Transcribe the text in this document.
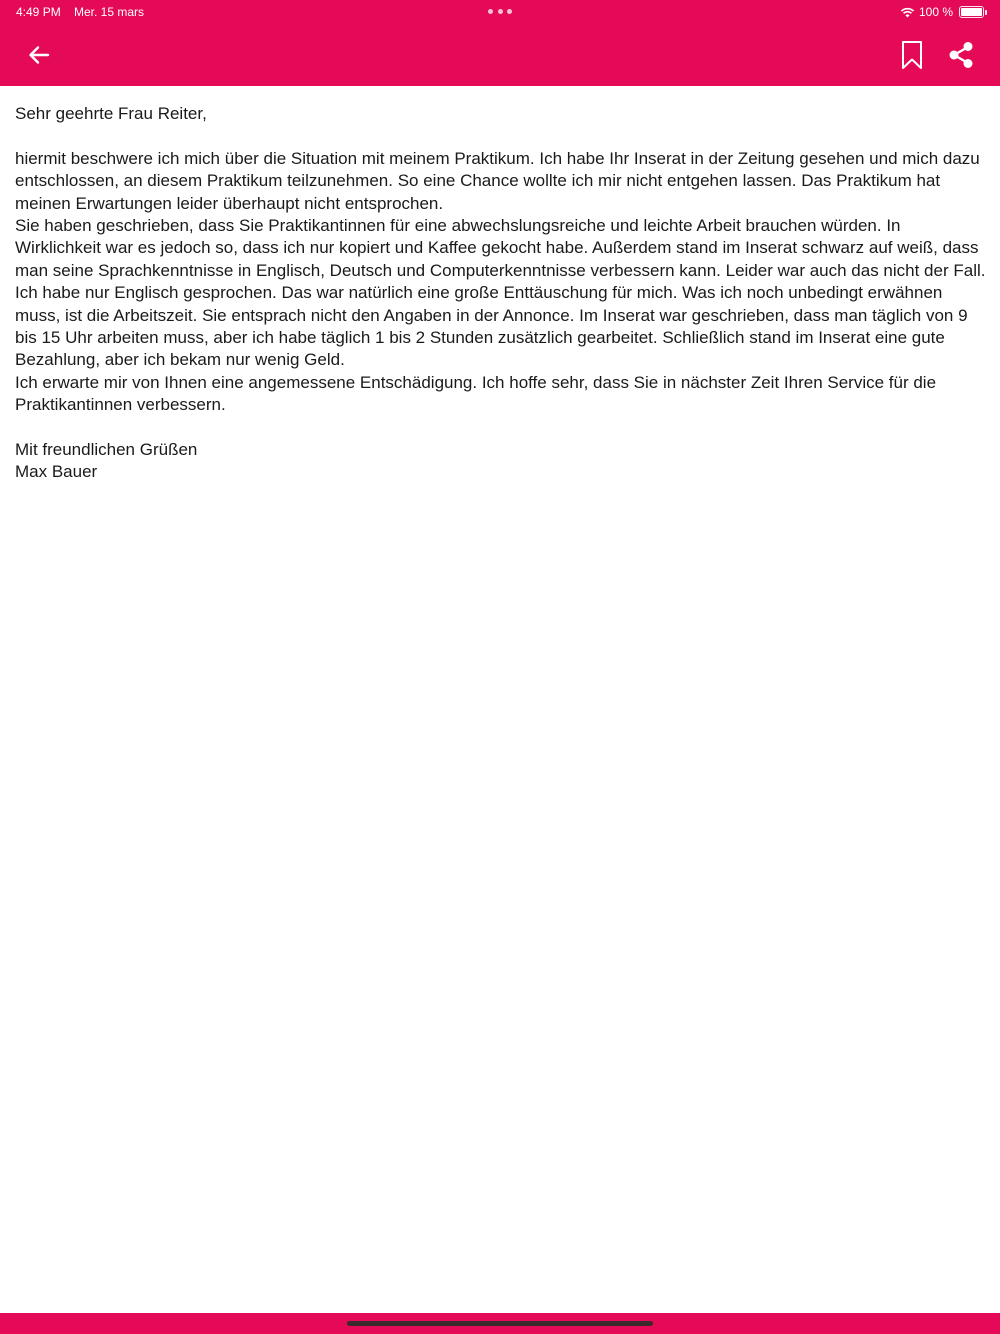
4:49 PM Mer. 15 mars	100 %

Sehr geehrte Frau Reiter,

hiermit beschwere ich mich über die Situation mit meinem Praktikum. Ich habe Ihr Inserat in der Zeitung gesehen und mich dazu entschlossen, an diesem Praktikum teilzunehmen. So eine Chance wollte ich mir nicht entgehen lassen. Das Praktikum hat meinen Erwartungen leider überhaupt nicht entsprochen.

Sie haben geschrieben, dass Sie Praktikantinnen für eine abwechslungsreiche und leichte Arbeit brauchen würden. In Wirklichkeit war es jedoch so, dass ich nur kopiert und Kaffee gekocht habe. Außerdem stand im Inserat schwarz auf weiß, dass man seine Sprachkenntnisse in Englisch, Deutsch und Computerkenntnisse verbessern kann. Leider war auch das nicht der Fall. Ich habe nur Englisch gesprochen. Das war natürlich eine große Enttäuschung für mich. Was ich noch unbedingt erwähnen muss, ist die Arbeitszeit. Sie entsprach nicht den Angaben in der Annonce. Im Inserat war geschrieben, dass man täglich von 9 bis 15 Uhr arbeiten muss, aber ich habe täglich 1 bis 2 Stunden zusätzlich gearbeitet. Schließlich stand im Inserat eine gute Bezahlung, aber ich bekam nur wenig Geld.

Ich erwarte mir von Ihnen eine angemessene Entschädigung. Ich hoffe sehr, dass Sie in nächster Zeit Ihren Service für die Praktikantinnen verbessern.

Mit freundlichen Grüßen

Max Bauer
